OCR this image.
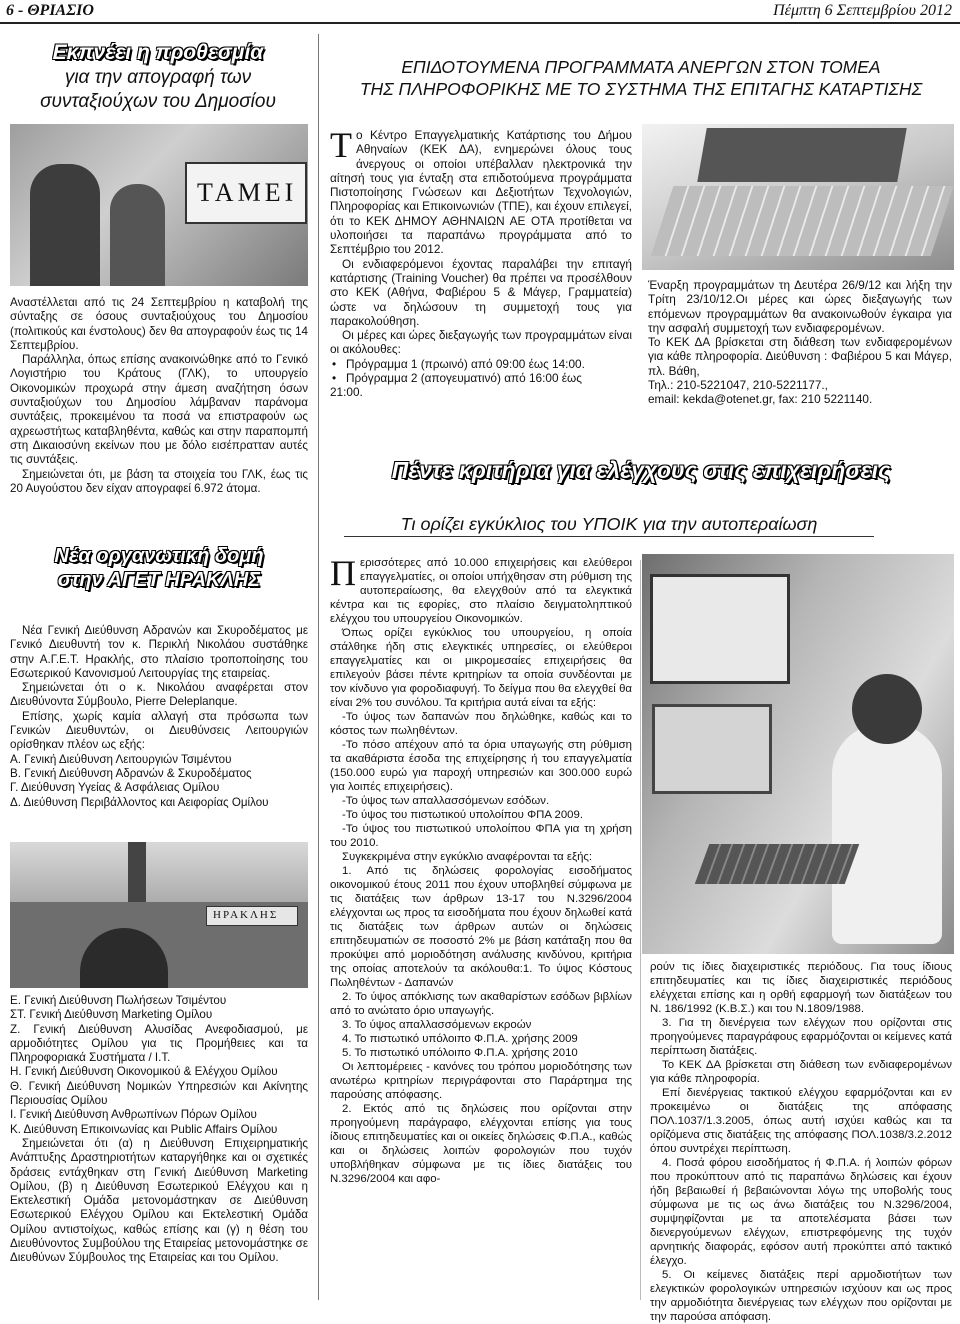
6 - ΘΡΙΑΣΙΟ	Πέμπτη 6 Σεπτεμβρίου 2012
Εκπνέει η προθεσμία
για την απογραφή των
συνταξιούχων του Δημοσίου
ΤΑΜΕΙ

Αναστέλλεται από τις 24 Σεπτεμβρίου η καταβολή της σύνταξης σε όσους συνταξιούχους του Δημοσίου (πολιτικούς και ένστολους) δεν θα απογραφούν έως τις 14 Σεπτεμβρίου.

Παράλληλα, όπως επίσης ανακοινώθηκε από το Γενικό Λογιστήριο του Κράτους (ΓΛΚ), το υπουργείο Οικονομικών προχωρά στην άμεση αναζήτηση όσων συνταξιούχων του Δημοσίου λάμβαναν παράνομα συντάξεις, προκειμένου τα ποσά να επιστραφούν ως αχρεωστήτως καταβληθέντα, καθώς και στην παραπομπή στη Δικαιοσύνη εκείνων που με δόλο εισέπρατταν αυτές τις συντάξεις.

Σημειώνεται ότι, με βάση τα στοιχεία του ΓΛΚ, έως τις 20 Αυγούστου δεν είχαν απογραφεί 6.972 άτομα.

Νέα οργανωτική δομή
στην ΑΓΕΤ ΗΡΑΚΛΗΣ

Νέα Γενική Διεύθυνση Αδρανών και Σκυροδέματος με Γενικό Διευθυντή τον κ. Περικλή Νικολάου συστάθηκε στην Α.Γ.Ε.Τ. Ηρακλής, στο πλαίσιο τροποποίησης του Εσωτερικού Κανονισμού Λειτουργίας της εταιρείας.

Σημειώνεται ότι ο κ. Νικολάου αναφέρεται στον Διευθύνοντα Σύμβουλο, Pierre Deleplanque.

Επίσης, χωρίς καμία αλλαγή στα πρόσωπα των Γενικών Διευθυντών, οι Διευθύνσεις Λειτουργιών ορίσθηκαν πλέον ως εξής:

Α. Γενική Διεύθυνση Λειτουργιών Τσιμέντου

Β. Γενική Διεύθυνση Αδρανών & Σκυροδέματος

Γ. Διεύθυνση Υγείας & Ασφάλειας Ομίλου

Δ. Διεύθυνση Περιβάλλοντος και Αειφορίας Ομίλου

ΗΡΑΚΛΗΣ

Ε. Γενική Διεύθυνση Πωλήσεων Τσιμέντου

ΣΤ. Γενική Διεύθυνση Marketing Ομίλου

Ζ. Γενική Διεύθυνση Αλυσίδας Ανεφοδιασμού, με αρμοδιότητες Ομίλου για τις Προμήθειες και τα Πληροφοριακά Συστήματα / Ι.Τ.

Η. Γενική Διεύθυνση Οικονομικού & Ελέγχου Ομίλου

Θ. Γενική Διεύθυνση Νομικών Υπηρεσιών και Ακίνητης Περιουσίας Ομίλου

Ι. Γενική Διεύθυνση Ανθρωπίνων Πόρων Ομίλου

Κ. Διεύθυνση Επικοινωνίας και Public Affairs Ομίλου

Σημειώνεται ότι (α) η Διεύθυνση Επιχειρηματικής Ανάπτυξης Δραστηριοτήτων καταργήθηκε και οι σχετικές δράσεις εντάχθηκαν στη Γενική Διεύθυνση Marketing Ομίλου, (β) η Διεύθυνση Εσωτερικού Ελέγχου και η Εκτελεστική Ομάδα μετονομάστηκαν σε Διεύθυνση Εσωτερικού Ελέγχου Ομίλου και Εκτελεστική Ομάδα Ομίλου αντιστοίχως, καθώς επίσης και (γ) η θέση του Διευθύνοντος Συμβούλου της Εταιρείας μετονομάστηκε σε Διευθύνων Σύμβουλος της Εταιρείας και του Ομίλου.

ΕΠΙΔΟΤΟΥΜΕΝΑ ΠΡΟΓΡΑΜΜΑΤΑ ΑΝΕΡΓΩΝ ΣΤΟΝ ΤΟΜΕΑ
ΤΗΣ ΠΛΗΡΟΦΟΡΙΚΗΣ ΜΕ ΤΟ ΣΥΣΤΗΜΑ ΤΗΣ ΕΠΙΤΑΓΗΣ ΚΑΤΑΡΤΙΣΗΣ

Τ ο Κέντρο Επαγγελματικής Κατάρτισης του Δήμου Αθηναίων (ΚΕΚ ΔΑ), ενημερώνει όλους τους άνεργους οι οποίοι υπέβαλλαν ηλεκτρονικά την αίτησή τους για ένταξη στα επιδοτούμενα προγράμματα Πιστοποίησης Γνώσεων και Δεξιοτήτων Τεχνολογιών, Πληροφορίας και Επικοινωνιών (ΤΠΕ), και έχουν επιλεγεί, ότι το ΚΕΚ ΔΗΜΟΥ ΑΘΗΝΑΙΩΝ ΑΕ ΟΤΑ προτίθεται να υλοποιήσει τα παραπάνω προγράμματα από το Σεπτέμβριο του 2012.

Οι ενδιαφερόμενοι έχοντας παραλάβει την επιταγή κατάρτισης (Training Voucher) θα πρέπει να προσέλθουν στο ΚΕΚ (Αθήνα, Φαβιέρου 5 & Μάγερ, Γραμματεία) ώστε να δηλώσουν τη συμμετοχή τους για παρακολούθηση.

Οι μέρες και ώρες διεξαγωγής των προγραμμάτων είναι οι ακόλουθες:

• Πρόγραμμα 1 (πρωινό) από 09:00 έως 14:00.

• Πρόγραμμα 2 (απογευματινό) από 16:00 έως

21:00.

Έναρξη προγραμμάτων τη Δευτέρα 26/9/12 και λήξη την Τρίτη 23/10/12.Οι μέρες και ώρες διεξαγωγής των επόμενων προγραμμάτων θα ανακοινωθούν έγκαιρα για την ασφαλή συμμετοχή των ενδιαφερομένων.

Το ΚΕΚ ΔΑ βρίσκεται στη διάθεση των ενδιαφερομένων για κάθε πληροφορία. Διεύθυνση : Φαβιέρου 5 και Μάγερ, πλ. Βάθη,

Τηλ.: 210-5221047, 210-5221177.,

email: kekda@otenet.gr, fax: 210 5221140.

Πέντε κριτήρια για ελέγχους στις επιχειρήσεις
Τι ορίζει εγκύκλιος του ΥΠΟΙΚ για την αυτοπεραίωση

Π ερισσότερες από 10.000 επιχειρήσεις και ελεύθεροι επαγγελματίες, οι οποίοι υπήχθησαν στη ρύθμιση της αυτοπεραίωσης, θα ελεγχθούν από τα ελεγκτικά κέντρα και τις εφορίες, στο πλαίσιο δειγματοληπτικού ελέγχου του υπουργείου Οικονομικών.

Όπως ορίζει εγκύκλιος του υπουργείου, η οποία στάλθηκε ήδη στις ελεγκτικές υπηρεσίες, οι ελεύθεροι επαγγελματίες και οι μικρομεσαίες επιχειρήσεις θα επιλεγούν βάσει πέντε κριτηρίων τα οποία συνδέονται με τον κίνδυνο για φοροδιαφυγή. Το δείγμα που θα ελεγχθεί θα είναι 2% του συνόλου. Τα κριτήρια αυτά είναι τα εξής:

-Το ύψος των δαπανών που δηλώθηκε, καθώς και το κόστος των πωληθέντων.

-Το πόσο απέχουν από τα όρια υπαγωγής στη ρύθμιση τα ακαθάριστα έσοδα της επιχείρησης ή του επαγγελματία (150.000 ευρώ για παροχή υπηρεσιών και 300.000 ευρώ για λοιπές επιχειρήσεις).

-Το ύψος των απαλλασσόμενων εσόδων.

-Το ύψος του πιστωτικού υπολοίπου ΦΠΑ 2009.

-Το ύψος του πιστωτικού υπολοίπου ΦΠΑ για τη χρήση του 2010.

Συγκεκριμένα στην εγκύκλιο αναφέρονται τα εξής:

1. Από τις δηλώσεις φορολογίας εισοδήματος οικονομικού έτους 2011 που έχουν υποβληθεί σύμφωνα με τις διατάξεις των άρθρων 13-17 του Ν.3296/2004 ελέγχονται ως προς τα εισοδήματα που έχουν δηλωθεί κατά τις διατάξεις των άρθρων αυτών οι δηλώσεις επιτηδευματιών σε ποσοστό 2% με βάση κατάταξη που θα προκύψει από μοριοδότηση ανάλυσης κινδύνου, κριτήρια της οποίας αποτελούν τα ακόλουθα:1. Το ύψος Κόστους Πωληθέντων - Δαπανών

2. Το ύψος απόκλισης των ακαθαρίστων εσόδων βιβλίων από το ανώτατο όριο υπαγωγής.

3. Το ύψος απαλλασσόμενων εκροών

4. Το πιστωτικό υπόλοιπο Φ.Π.Α. χρήσης 2009

5. Το πιστωτικό υπόλοιπο Φ.Π.Α. χρήσης 2010

Οι λεπτομέρειες - κανόνες του τρόπου μοριοδότησης των ανωτέρω κριτηρίων περιγράφονται στο Παράρτημα της παρούσης απόφασης.

2. Εκτός από τις δηλώσεις που ορίζονται στην προηγούμενη παράγραφο, ελέγχονται επίσης για τους ίδιους επιτηδευματίες και οι οικείες δηλώσεις Φ.Π.Α., καθώς και οι δηλώσεις λοιπών φορολογιών που τυχόν υποβλήθηκαν σύμφωνα με τις ίδιες διατάξεις του Ν.3296/2004 και αφο-

ρούν τις ίδιες διαχειριστικές περιόδους. Για τους ίδιους επιτηδευματίες και τις ίδιες διαχειριστικές περιόδους ελέγχεται επίσης και η ορθή εφαρμογή των διατάξεων του Ν. 186/1992 (Κ.Β.Σ.) και του Ν.1809/1988.

3. Για τη διενέργεια των ελέγχων που ορίζονται στις προηγούμενες παραγράφους εφαρμόζονται οι κείμενες κατά περίπτωση διατάξεις.

Το ΚΕΚ ΔΑ βρίσκεται στη διάθεση των ενδιαφερομένων για κάθε πληροφορία.

Επί διενέργειας τακτικού ελέγχου εφαρμόζονται και εν προκειμένω οι διατάξεις της απόφασης ΠΟΛ.1037/1.3.2005, όπως αυτή ισχύει καθώς και τα ορίζόμενα στις διατάξεις της απόφασης ΠΟΛ.1038/3.2.2012 όπου συντρέχει περίπτωση.

4. Ποσά φόρου εισοδήματος ή Φ.Π.Α. ή λοιπών φόρων που προκύπτουν από τις παραπάνω δηλώσεις και έχουν ήδη βεβαιωθεί ή βεβαιώνονται λόγω της υποβολής τους σύμφωνα με τις ως άνω διατάξεις του Ν.3296/2004, συμψηφίζονται με τα αποτελέσματα βάσει των διενεργούμενων ελέγχων, επιστρεφόμενης της τυχόν αρνητικής διαφοράς, εφόσον αυτή προκύπτει από τακτικό έλεγχο.

5. Οι κείμενες διατάξεις περί αρμοδιοτήτων των ελεγκτικών φορολογικών υπηρεσιών ισχύουν και ως προς την αρμοδιότητα διενέργειας των ελέγχων που ορίζονται με την παρούσα απόφαση.
